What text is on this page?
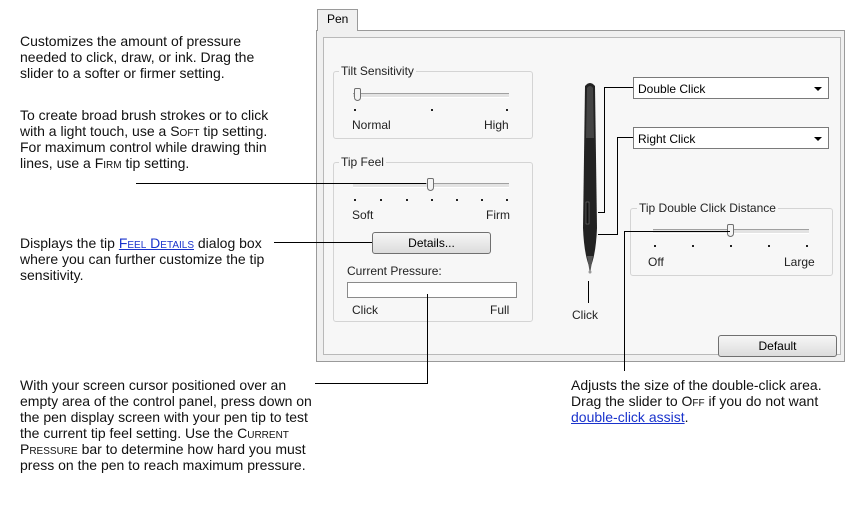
Customizes the amount of pressure needed to click, draw, or ink. Drag the slider to a softer or firmer setting.
To create broad brush strokes or to click with a light touch, use a Soft tip setting. For maximum control while drawing thin lines, use a Firm tip setting.
Displays the tip Feel Details dialog box where you can further customize the tip sensitivity.
With your screen cursor positioned over an empty area of the control panel, press down on the pen display screen with your pen tip to test the current tip feel setting. Use the Current Pressure bar to determine how hard you must press on the pen to reach maximum pressure.
Adjusts the size of the double-click area. Drag the slider to Off if you do not want double-click assist.
Pen
Tilt Sensitivity
Normal	High
Tip Feel
Soft	Firm
Details...
Current Pressure:
Click	Full
Double Click
Right Click
Click
Tip Double Click Distance
Off	Large
Default
